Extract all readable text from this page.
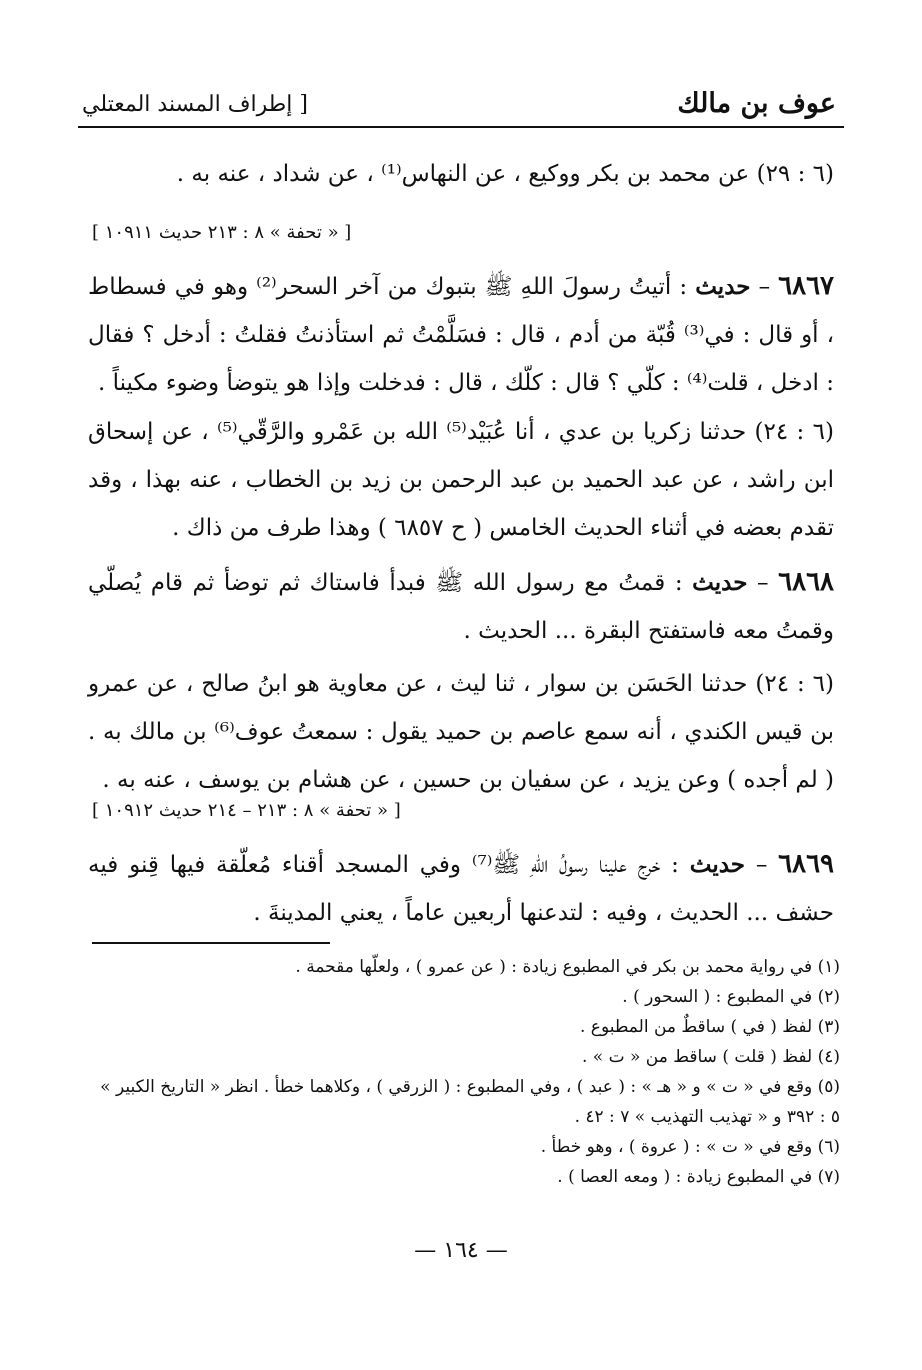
عوف بن مالك
[ إطراف المسند المعتلي

(٦ : ٢٩) عن محمد بن بكر ووكيع ، عن النهاس⁽¹⁾ ، عن شداد ، عنه به .

[ « تحفة » ٨ : ٢١٣ حديث ١٠٩١١ ]

٦٨٦٧ – حديث : أتيتُ رسولَ اللهِ ﷺ بتبوك من آخر السحر⁽²⁾ وهو في فسطاط ، أو قال : في⁽³⁾ قُبّة من أدم ، قال : فسَلَّمْتُ ثم استأذنتُ فقلتُ : أدخل ؟ فقال : ادخل ، قلت⁽⁴⁾ : كلّي ؟ قال : كلّك ، قال : فدخلت وإذا هو يتوضأ وضوء مكيناً .

(٦ : ٢٤) حدثنا زكريا بن عدي ، أنا عُبَيْد⁽⁵⁾ الله بن عَمْرو والرَّقّي⁽⁵⁾ ، عن إسحاق ابن راشد ، عن عبد الحميد بن عبد الرحمن بن زيد بن الخطاب ، عنه بهذا ، وقد تقدم بعضه في أثناء الحديث الخامس ( ح ٦٨٥٧ ) وهذا طرف من ذاك .

٦٨٦٨ – حديث : قمتُ مع رسول الله ﷺ فبدأ فاستاك ثم توضأ ثم قام يُصلّي وقمتُ معه فاستفتح البقرة ... الحديث .

(٦ : ٢٤) حدثنا الحَسَن بن سوار ، ثنا ليث ، عن معاوية هو ابنُ صالح ، عن عمرو بن قيس الكندي ، أنه سمع عاصم بن حميد يقول : سمعتُ عوف⁽⁶⁾ بن مالك به . ( لم أجده ) وعن يزيد ، عن سفيان بن حسين ، عن هشام بن يوسف ، عنه به .

[ « تحفة » ٨ : ٢١٣ – ٢١٤ حديث ١٠٩١٢ ]

٦٨٦٩ – حديث : خرج علينا رسولُ اللهِ ﷺ⁽⁷⁾ وفي المسجد أقناء مُعلّقة فيها قِنو فيه حشف ... الحديث ، وفيه : لتدعنها أربعين عاماً ، يعني المدينةَ .

(١) في رواية محمد بن بكر في المطبوع زيادة : ( عن عمرو ) ، ولعلّها مقحمة .
(٢) في المطبوع : ( السحور ) .
(٣) لفظ ( في ) ساقطٌ من المطبوع .
(٤) لفظ ( قلت ) ساقط من « ت » .
(٥) وقع في « ت » و « هـ » : ( عبد ) ، وفي المطبوع : ( الزرقي ) ، وكلاهما خطأ . انظر « التاريخ الكبير » ٥ : ٣٩٢ و « تهذيب التهذيب » ٧ : ٤٢ .
(٦) وقع في « ت » : ( عروة ) ، وهو خطأ .
(٧) في المطبوع زيادة : ( ومعه العصا ) .
— ١٦٤ —
